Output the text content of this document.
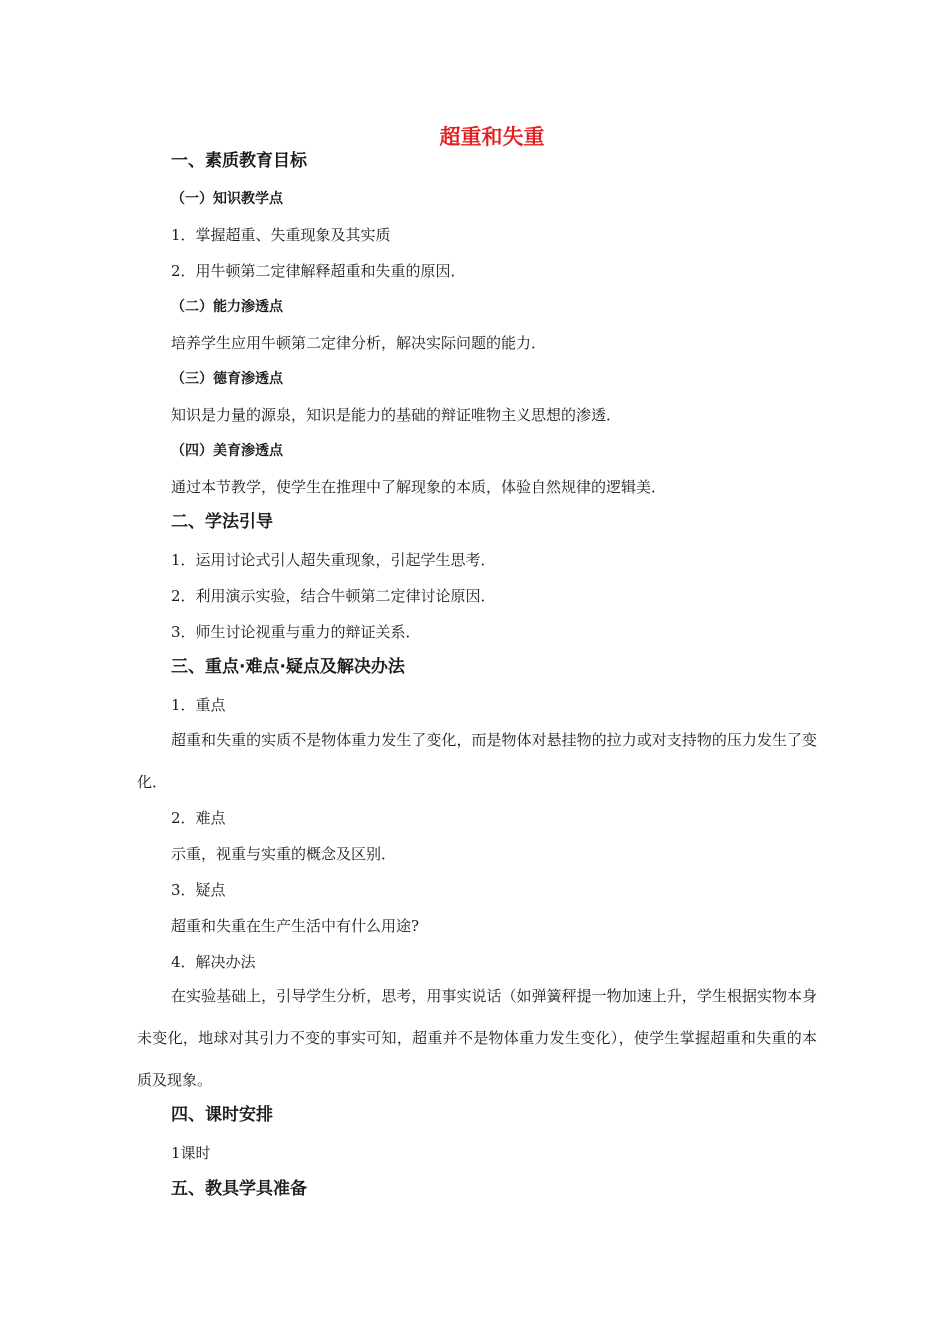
超重和失重
一、素质教育目标
（一）知识教学点
1．掌握超重、失重现象及其实质
2．用牛顿第二定律解释超重和失重的原因．
（二）能力渗透点
培养学生应用牛顿第二定律分析，解决实际问题的能力．
（三）德育渗透点
知识是力量的源泉，知识是能力的基础的辩证唯物主义思想的渗透．
（四）美育渗透点
通过本节教学，使学生在推理中了解现象的本质，体验自然规律的逻辑美．
二、学法引导
1．运用讨论式引人超失重现象，引起学生思考．
2．利用演示实验，结合牛顿第二定律讨论原因．
3．师生讨论视重与重力的辩证关系．
三、重点·难点·疑点及解决办法
1．重点
超重和失重的实质不是物体重力发生了变化，而是物体对悬挂物的拉力或对支持物的压力发生了变化．
2．难点
示重，视重与实重的概念及区别．
3．疑点
超重和失重在生产生活中有什么用途?
4．解决办法
在实验基础上，引导学生分析，思考，用事实说话（如弹簧秤提一物加速上升，学生根据实物本身未变化，地球对其引力不变的事实可知，超重并不是物体重力发生变化），使学生掌握超重和失重的本质及现象。
四、课时安排
1课时
五、教具学具准备
